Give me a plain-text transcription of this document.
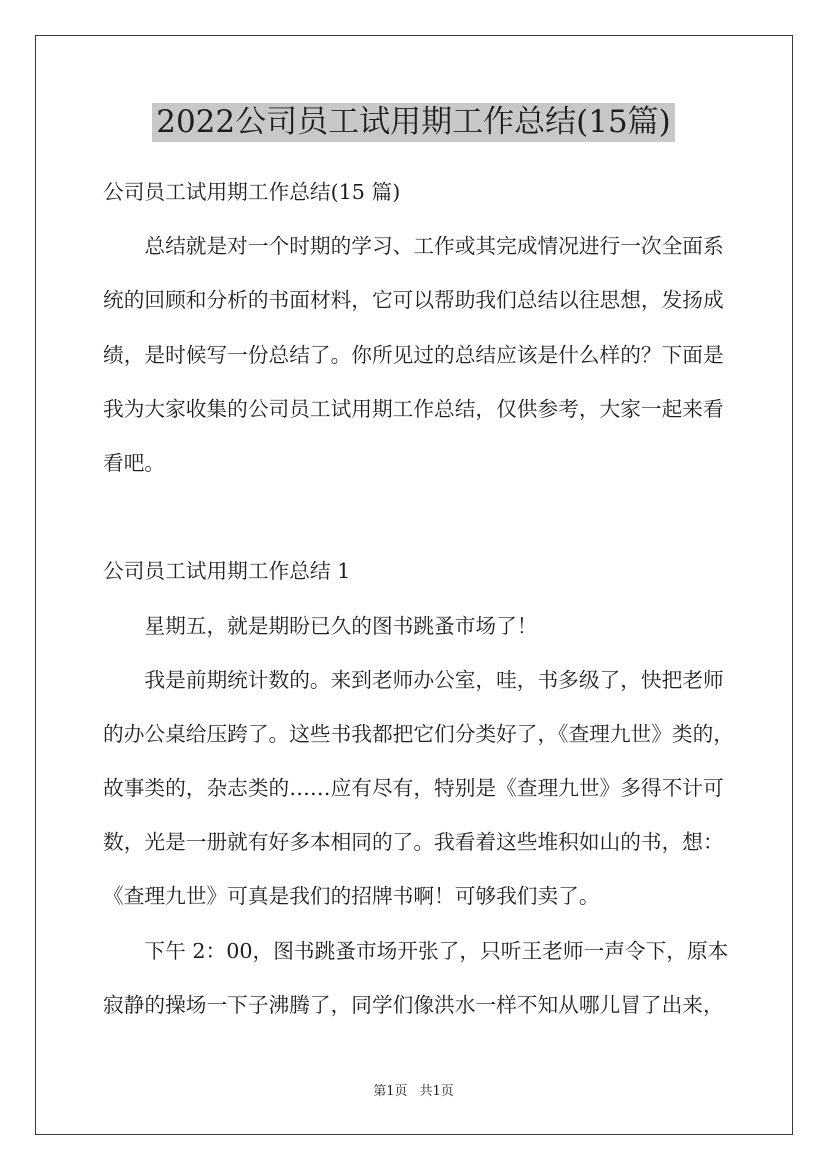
2022公司员工试用期工作总结(15篇)
公司员工试用期工作总结(15 篇)
总结就是对一个时期的学习、工作或其完成情况进行一次全面系
统的回顾和分析的书面材料，它可以帮助我们总结以往思想，发扬成
绩，是时候写一份总结了。你所见过的总结应该是什么样的？下面是
我为大家收集的公司员工试用期工作总结，仅供参考，大家一起来看
看吧。
公司员工试用期工作总结 1
星期五，就是期盼已久的图书跳蚤市场了！
我是前期统计数的。来到老师办公室，哇，书多级了，快把老师
的办公桌给压跨了。这些书我都把它们分类好了，《查理九世》类的，
故事类的，杂志类的……应有尽有，特别是《查理九世》多得不计可
数，光是一册就有好多本相同的了。我看着这些堆积如山的书，想：
《查理九世》可真是我们的招牌书啊！可够我们卖了。
下午 2：00，图书跳蚤市场开张了，只听王老师一声令下，原本
寂静的操场一下子沸腾了，同学们像洪水一样不知从哪儿冒了出来，
第1页 共1页
